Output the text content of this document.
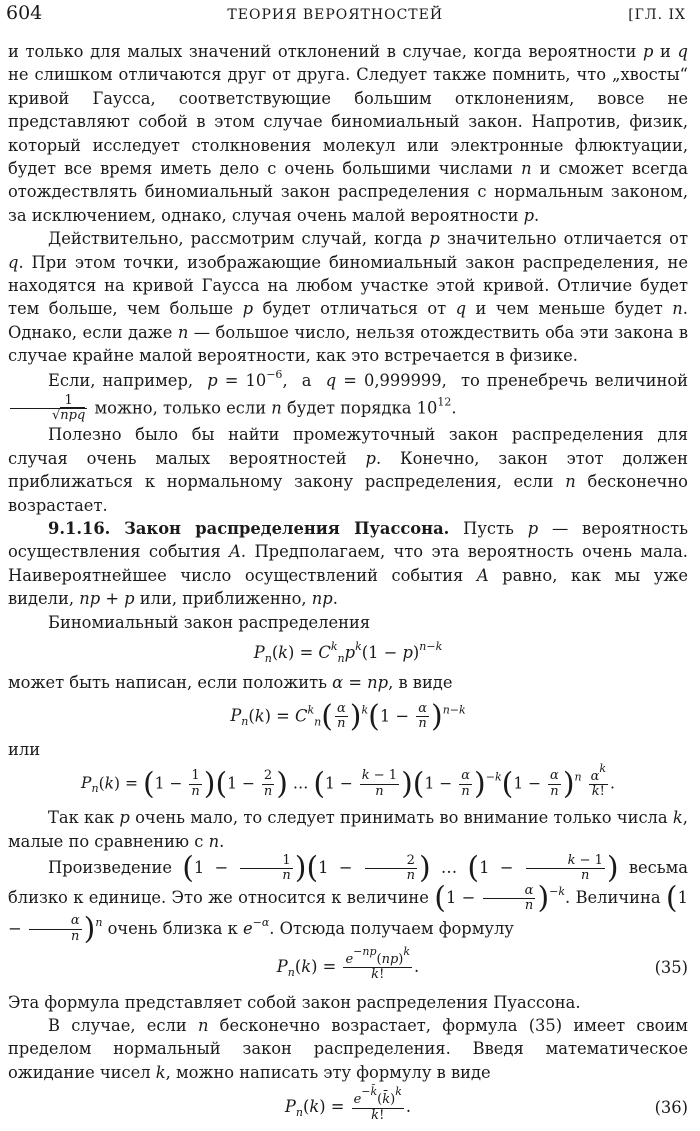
604	ТЕОРИЯ ВЕРОЯТНОСТЕЙ	[ГЛ. IX

и только для малых значений отклонений в случае, когда вероятности p и q не слишком отличаются друг от друга. Следует также помнить, что „хвосты“ кривой Гаусса, соответствующие большим отклонениям, вовсе не представляют собой в этом случае биномиальный закон. Напротив, физик, который исследует столкновения молекул или электронные флюктуации, будет все время иметь дело с очень большими числами n и сможет всегда отождествлять биномиальный закон распределения с нормальным законом, за исключением, однако, случая очень малой вероятности p.

Действительно, рассмотрим случай, когда p значительно отличается от q. При этом точки, изображающие биномиальный закон распределения, не находятся на кривой Гаусса на любом участке этой кривой. Отличие будет тем больше, чем больше p будет отличаться от q и чем меньше будет n. Однако, если даже n — большое число, нельзя отождествить оба эти закона в случае крайне малой вероятности, как это встречается в физике.

Если, например, $p = 10^{-6}$,  а q = 0,999999,  то пренебречь величиной
$\frac{1}{\text{√npq}}$ можно, только если n будет порядка $10^{12}$.

Полезно было бы найти промежуточный закон распределения для случая очень малых вероятностей p. Конечно, закон этот должен приближаться к нормальному закону распределения, если n бесконечно возрастает.

9.1.16. Закон распределения Пуассона. Пусть p — вероятность осуществления события A. Предполагаем, что эта вероятность очень мала. Наивероятнейшее число осуществлений события A равно, как мы уже видели, np + p или, приближенно, np.

Биномиальный закон распределения

$P_n(k) = C^k_np^k(1 - p)^{n-k}$

может быть написан, если положить α = np, в виде

$P_n(k) = C^k_n( \frac{\alpha}{n} )^k(1 - \frac{\alpha}{n} )^{n-k}$

или

$P_n(k) = (1 - \frac{1}{n} )(1 - \frac{2}{n}$ ) … $(1 - \frac{k - 1}{n} )(1 - \frac{\alpha}{n} )^{-k}(1 - \frac{\alpha}{n} )^n \frac{\alpha^k}{k!}$ .

Так как p очень мало, то следует принимать во внимание только числа k, малые по сравнению с n.

Произведение $(1 - \frac{1}{n} )(1 - \frac{2}{n}$ ) … ($1 - \frac{k - 1}{n}$ ) весьма близко к единице. Это же относится к величине $(1 - \frac{\alpha}{n} )^{-k}$. Величина $(1 - \frac{\alpha}{n} )^n$ очень близка к $e^{-\alpha}$. Отсюда получаем формулу

$P_n(k) = \frac{e^{-np}(np)^k}{k!}$ .	(35)

Эта формула представляет собой закон распределения Пуассона.

В случае, если n бесконечно возрастает, формула (35) имеет своим пределом нормальный закон распределения. Введя математическое ожидание чисел k, можно написать эту формулу в виде

$P_n(k) = \frac{e^{-k̄}(k̄)^k}{k!}$ .	(36)
